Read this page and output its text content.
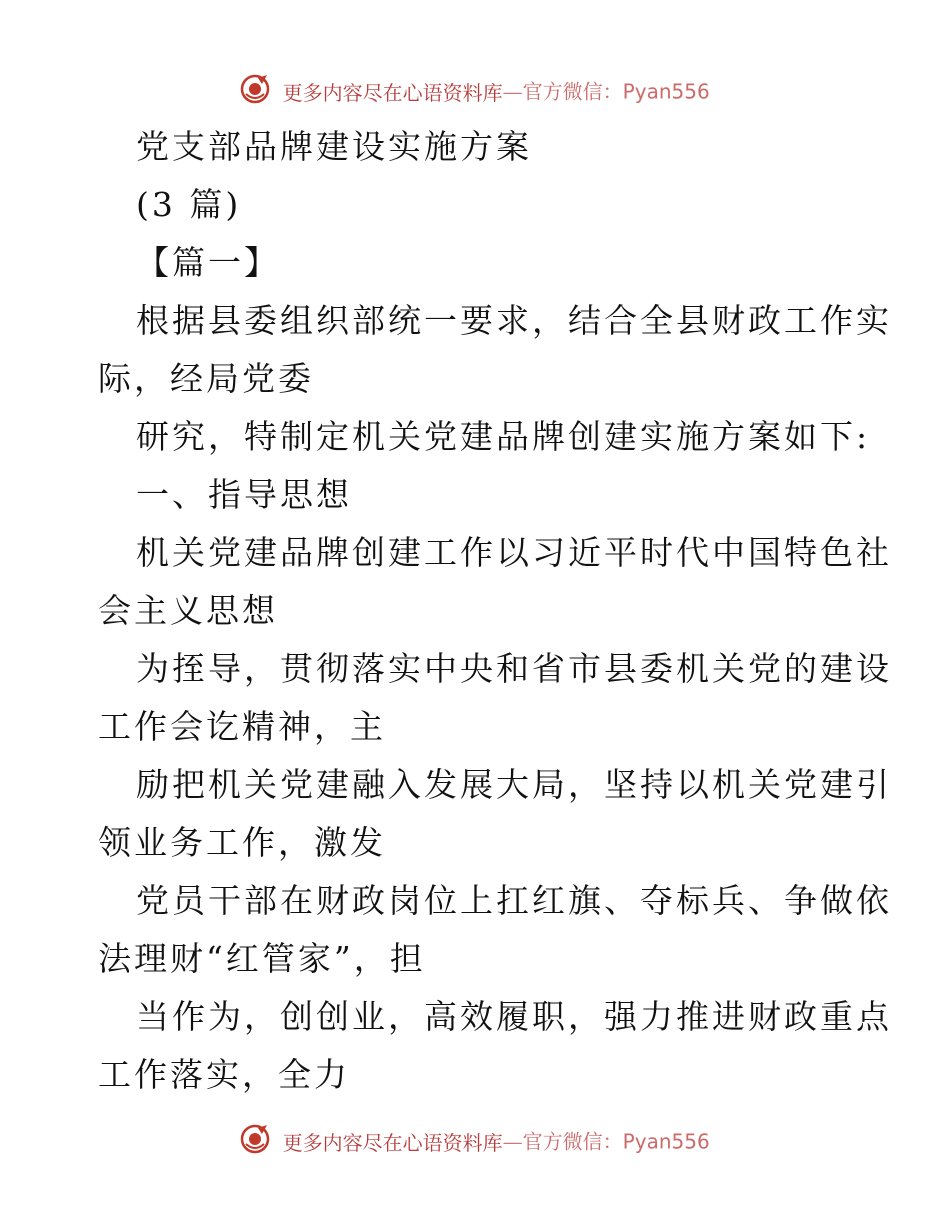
更多内容尽在心语资料库—官方微信：Pyan556
党支部品牌建设实施方案
(3 篇)
【篇一】
根据县委组织部统一要求，结合全县财政工作实
际，经局党委
研究，特制定机关党建品牌创建实施方案如下:
一、指导思想
机关党建品牌创建工作以习近平时代中国特色社
会主义思想
为挃导，贯彻落实中央和省市县委机关党的建设
工作会讫精神，主
励把机关党建融入发展大局，坚持以机关党建引
领业务工作，激发
党员干部在财政岗位上扛红旗、夺标兵、争做依
法理财“红管家”，担
当作为，创创业，高效履职，强力推进财政重点
工作落实，全力
更多内容尽在心语资料库—官方微信：Pyan556
